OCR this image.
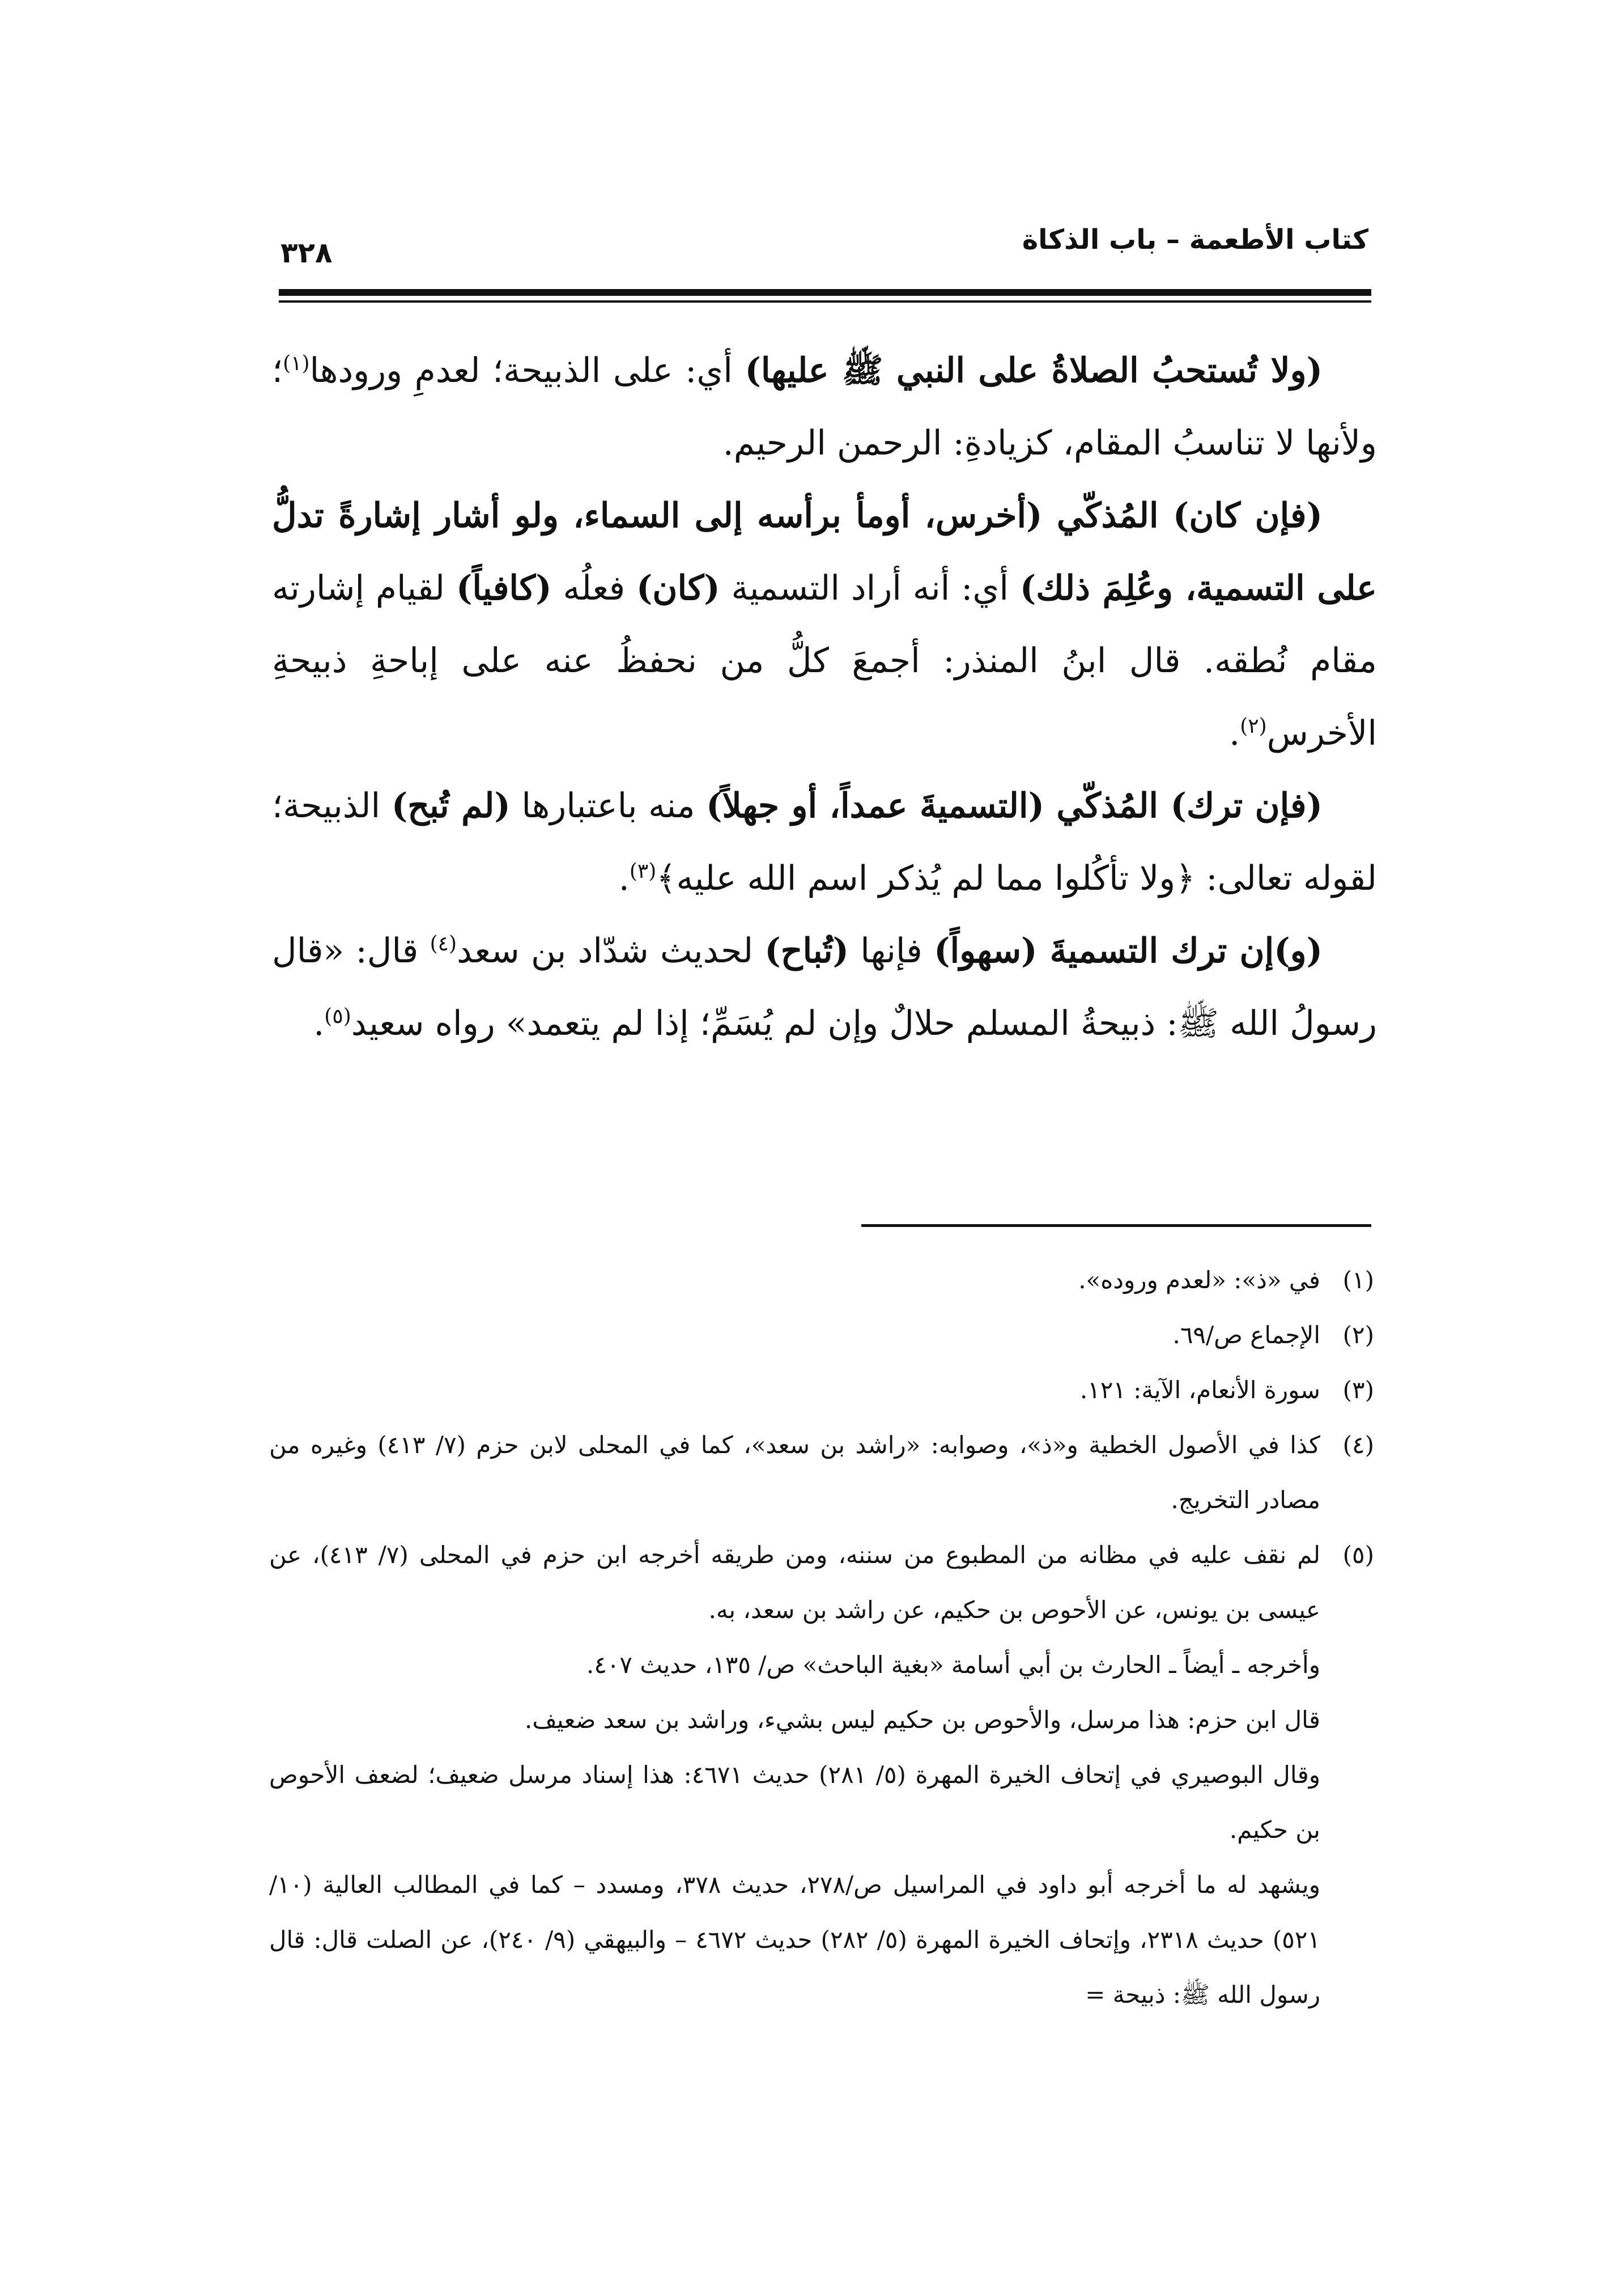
كتاب الأطعمة – باب الذكاة
٣٢٨

(ولا تُستحبُ الصلاةُ على النبي ﷺ عليها) أي: على الذبيحة؛ لعدمِ ورودها$^{(١)}$؛ ولأنها لا تناسبُ المقام، كزيادةِ: الرحمن الرحيم.

(فإن كان) المُذكّي (أخرس، أومأ برأسه إلى السماء، ولو أشار إشارةً تدلُّ على التسمية، وعُلِمَ ذلك) أي: أنه أراد التسمية (كان) فعلُه (كافياً) لقيام إشارته مقام نُطقه. قال ابنُ المنذر: أجمعَ كلُّ من نحفظُ عنه على إباحةِ ذبيحةِ الأخرس$^{(٢)}$.

(فإن ترك) المُذكّي (التسميةَ عمداً، أو جهلاً) منه باعتبارها (لم تُبح) الذبيحة؛ لقوله تعالى: ﴿ولا تأكُلوا مما لم يُذكر اسم الله عليه﴾$^{(٣)}$.

(و)إن ترك التسميةَ (سهواً) فإنها (تُباح) لحديث شدّاد بن سعد$^{(٤)}$ قال: «قال رسولُ الله ﷺ: ذبيحةُ المسلم حلالٌ وإن لم يُسَمِّ؛ إذا لم يتعمد» رواه سعيد$^{(٥)}$.

(١)

في «ذ»: «لعدم وروده».

(٢)

الإجماع ص/٦٩.

(٣)

سورة الأنعام، الآية: ١٢١.

(٤)

كذا في الأصول الخطية و«ذ»، وصوابه: «راشد بن سعد»، كما في المحلى لابن حزم (٧/ ٤١٣) وغيره من مصادر التخريج.

(٥)

لم نقف عليه في مظانه من المطبوع من سننه، ومن طريقه أخرجه ابن حزم في المحلى (٧/ ٤١٣)، عن عيسى بن يونس، عن الأحوص بن حكيم، عن راشد بن سعد، به.

وأخرجه ـ أيضاً ـ الحارث بن أبي أسامة «بغية الباحث» ص/ ١٣٥، حديث ٤٠٧.

قال ابن حزم: هذا مرسل، والأحوص بن حكيم ليس بشيء، وراشد بن سعد ضعيف.

وقال البوصيري في إتحاف الخيرة المهرة (٥/ ٢٨١) حديث ٤٦٧١: هذا إسناد مرسل ضعيف؛ لضعف الأحوص بن حكيم.

ويشهد له ما أخرجه أبو داود في المراسيل ص/٢٧٨، حديث ٣٧٨، ومسدد – كما في المطالب العالية (١٠/ ٥٢١) حديث ٢٣١٨، وإتحاف الخيرة المهرة (٥/ ٢٨٢) حديث ٤٦٧٢ – والبيهقي (٩/ ٢٤٠)، عن الصلت قال: قال رسول الله ﷺ: ذبيحة =
